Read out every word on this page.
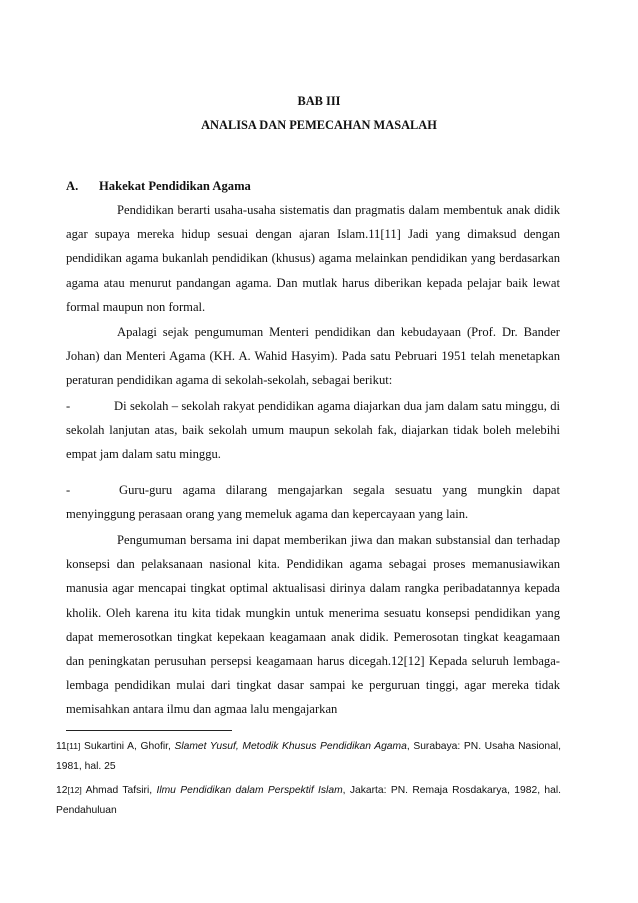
BAB III
ANALISA DAN PEMECAHAN MASALAH
A. Hakekat Pendidikan Agama

Pendidikan berarti usaha-usaha sistematis dan pragmatis dalam membentuk anak didik agar supaya mereka hidup sesuai dengan ajaran Islam.11[11] Jadi yang dimaksud dengan pendidikan agama bukanlah pendidikan (khusus) agama melainkan pendidikan yang berdasarkan agama atau menurut pandangan agama. Dan mutlak harus diberikan kepada pelajar baik lewat formal maupun non formal.

Apalagi sejak pengumuman Menteri pendidikan dan kebudayaan (Prof. Dr. Bander Johan) dan Menteri Agama (KH. A. Wahid Hasyim). Pada satu Pebruari 1951 telah menetapkan peraturan pendidikan agama di sekolah-sekolah, sebagai berikut:

-	Di sekolah – sekolah rakyat pendidikan agama diajarkan dua jam dalam satu minggu, di sekolah lanjutan atas, baik sekolah umum maupun sekolah fak, diajarkan tidak boleh melebihi empat jam dalam satu minggu.

-	Guru-guru agama dilarang mengajarkan segala sesuatu yang mungkin dapat menyinggung perasaan orang yang memeluk agama dan kepercayaan yang lain.

Pengumuman bersama ini dapat memberikan jiwa dan makan substansial dan terhadap konsepsi dan pelaksanaan nasional kita. Pendidikan agama sebagai proses memanusiawikan manusia agar mencapai tingkat optimal aktualisasi dirinya dalam rangka peribadatannya kepada kholik. Oleh karena itu kita tidak mungkin untuk menerima sesuatu konsepsi pendidikan yang dapat memerosotkan tingkat kepekaan keagamaan anak didik. Pemerosotan tingkat keagamaan dan peningkatan perusuhan persepsi keagamaan harus dicegah.12[12] Kepada seluruh lembaga-lembaga pendidikan mulai dari tingkat dasar sampai ke perguruan tinggi, agar mereka tidak memisahkan antara ilmu dan agmaa lalu mengajarkan

11[11] Sukartini A, Ghofir, Slamet Yusuf, Metodik Khusus Pendidikan Agama, Surabaya: PN. Usaha Nasional, 1981, hal. 25

12[12] Ahmad Tafsiri, Ilmu Pendidikan dalam Perspektif Islam, Jakarta: PN. Remaja Rosdakarya, 1982, hal. Pendahuluan
